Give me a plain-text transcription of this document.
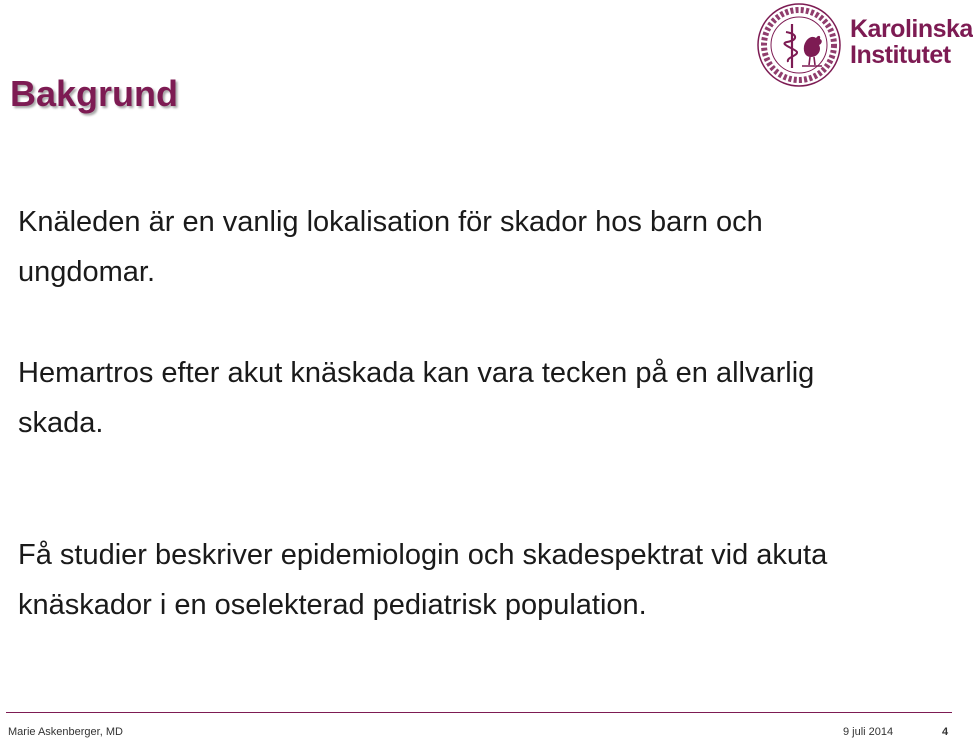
Bakgrund
Karolinska
Institutet

Knäleden är en vanlig lokalisation för skador hos barn och ungdomar.

Hemartros efter akut knäskada kan vara tecken på en allvarlig skada.

Få studier beskriver epidemiologin och skadespektrat vid akuta knäskador i en oselekterad pediatrisk population.

Marie Askenberger, MD	9 juli 2014	4
